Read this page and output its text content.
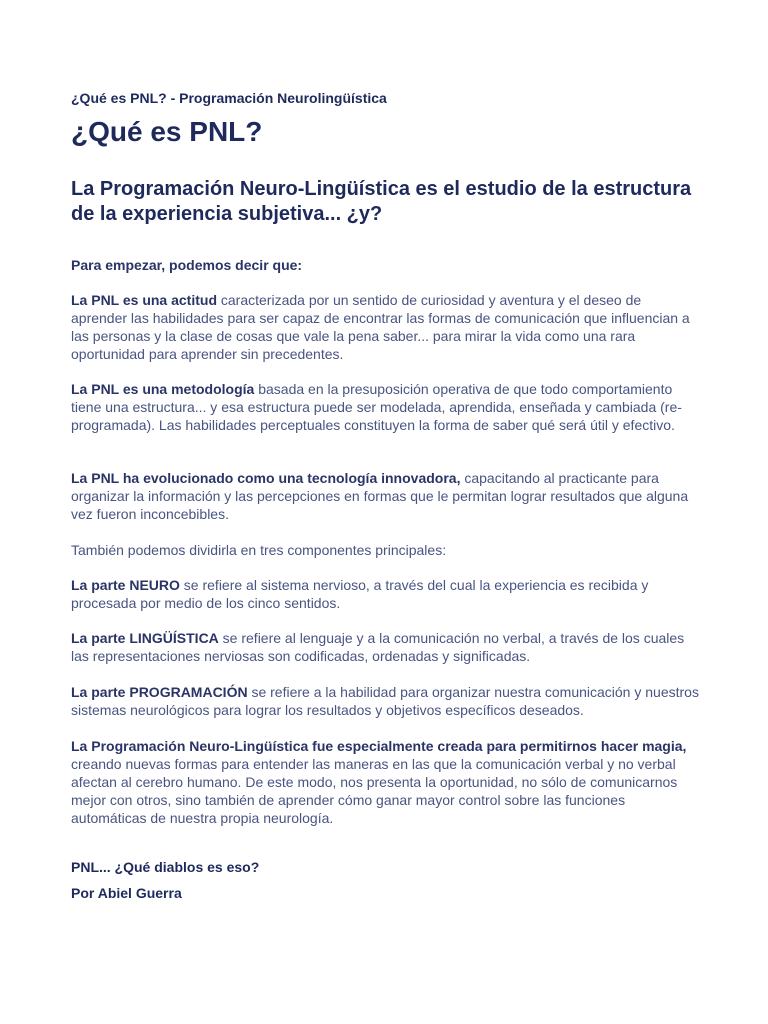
¿Qué es PNL? - Programación Neurolingüística
¿Qué es PNL?
La Programación Neuro-Lingüística es el estudio de la estructura de la experiencia subjetiva... ¿y?

Para empezar, podemos decir que:

La PNL es una actitud caracterizada por un sentido de curiosidad y aventura y el deseo de aprender las habilidades para ser capaz de encontrar las formas de comunicación que influencian a las personas y la clase de cosas que vale la pena saber... para mirar la vida como una rara oportunidad para aprender sin precedentes.

La PNL es una metodología basada en la presuposición operativa de que todo comportamiento tiene una estructura... y esa estructura puede ser modelada, aprendida, enseñada y cambiada (re-programada). Las habilidades perceptuales constituyen la forma de saber qué será útil y efectivo.

La PNL ha evolucionado como una tecnología innovadora, capacitando al practicante para organizar la información y las percepciones en formas que le permitan lograr resultados que alguna vez fueron inconcebibles.

También podemos dividirla en tres componentes principales:

La parte NEURO se refiere al sistema nervioso, a través del cual la experiencia es recibida y procesada por medio de los cinco sentidos.

La parte LINGÜÍSTICA se refiere al lenguaje y a la comunicación no verbal, a través de los cuales las representaciones nerviosas son codificadas, ordenadas y significadas.

La parte PROGRAMACIÓN se refiere a la habilidad para organizar nuestra comunicación y nuestros sistemas neurológicos para lograr los resultados y objetivos específicos deseados.

La Programación Neuro-Lingüística fue especialmente creada para permitirnos hacer magia, creando nuevas formas para entender las maneras en las que la comunicación verbal y no verbal afectan al cerebro humano. De este modo, nos presenta la oportunidad, no sólo de comunicarnos mejor con otros, sino también de aprender cómo ganar mayor control sobre las funciones automáticas de nuestra propia neurología.

PNL... ¿Qué diablos es eso?

Por Abiel Guerra
